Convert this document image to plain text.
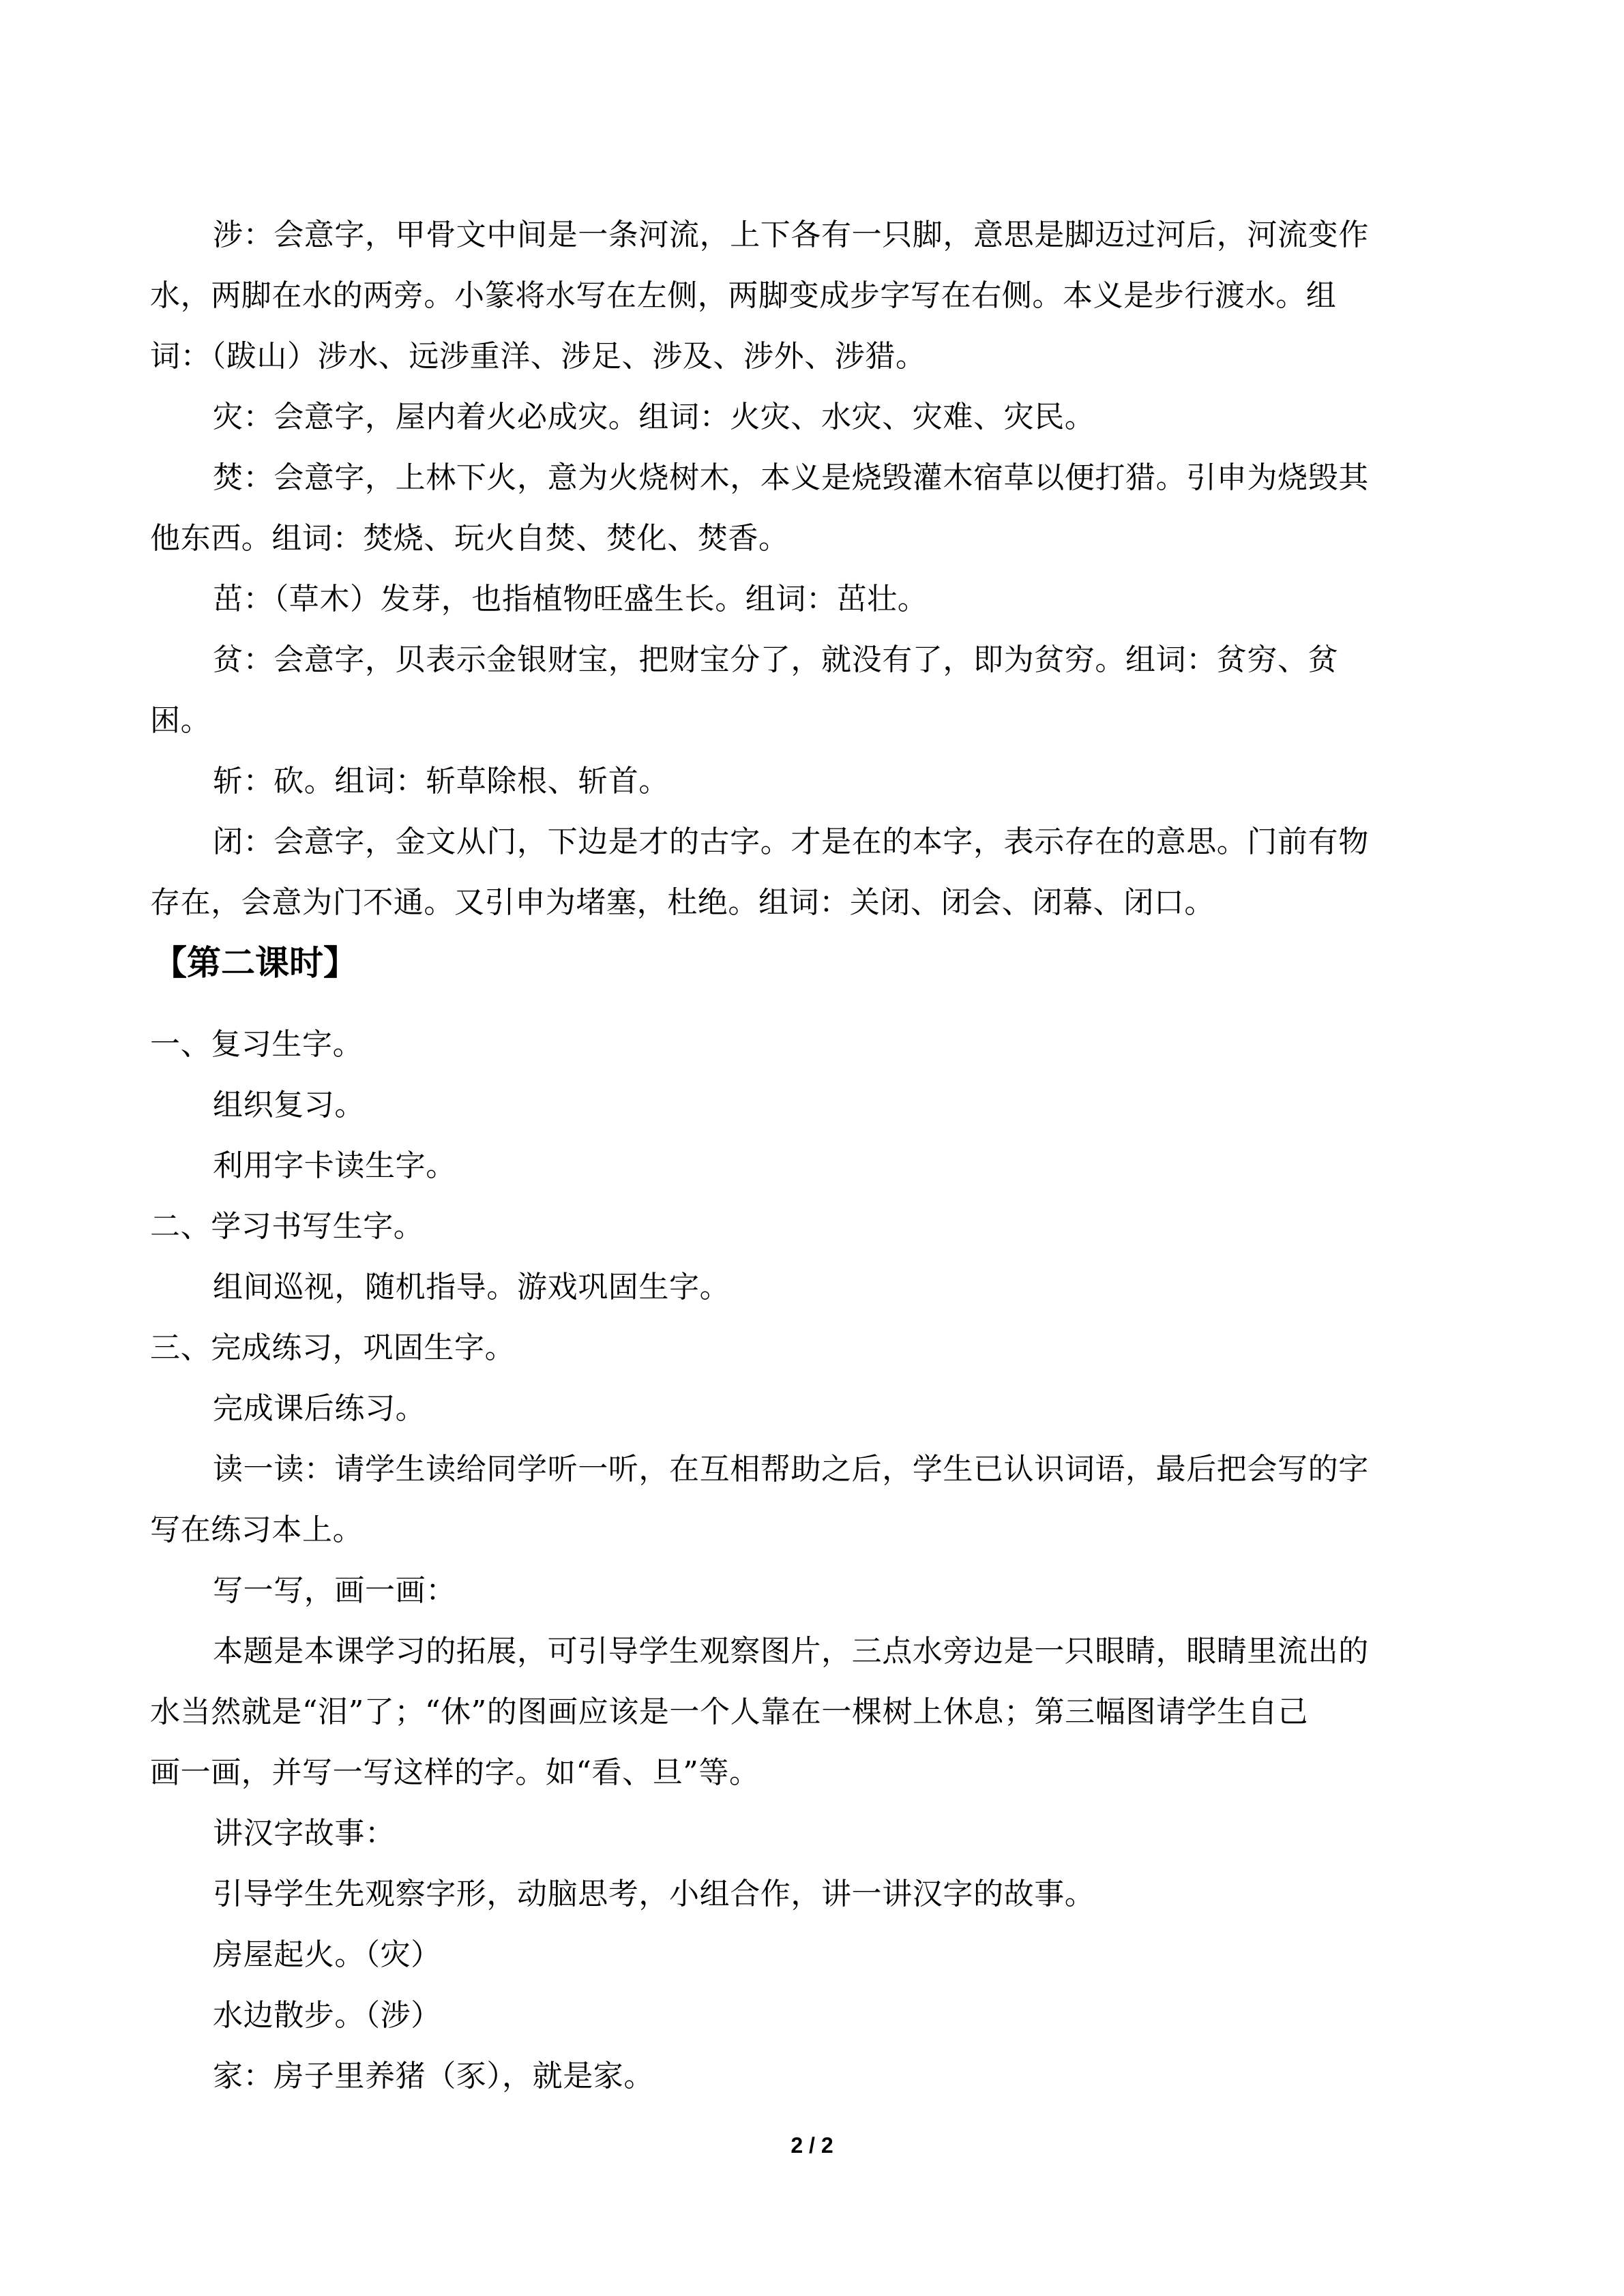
涉：会意字，甲骨文中间是一条河流，上下各有一只脚，意思是脚迈过河后，河流变作
水，两脚在水的两旁。小篆将水写在左侧，两脚变成步字写在右侧。本义是步行渡水。组
词：（跋山）涉水、远涉重洋、涉足、涉及、涉外、涉猎。
灾：会意字，屋内着火必成灾。组词：火灾、水灾、灾难、灾民。
焚：会意字，上林下火，意为火烧树木，本义是烧毁灌木宿草以便打猎。引申为烧毁其
他东西。组词：焚烧、玩火自焚、焚化、焚香。
茁：（草木）发芽，也指植物旺盛生长。组词：茁壮。
贫：会意字，贝表示金银财宝，把财宝分了，就没有了，即为贫穷。组词：贫穷、贫
困。
斩：砍。组词：斩草除根、斩首。
闭：会意字，金文从门，下边是才的古字。才是在的本字，表示存在的意思。门前有物
存在，会意为门不通。又引申为堵塞，杜绝。组词：关闭、闭会、闭幕、闭口。
【第二课时】
一、复习生字。
组织复习。
利用字卡读生字。
二、学习书写生字。
组间巡视，随机指导。游戏巩固生字。
三、完成练习，巩固生字。
完成课后练习。
读一读：请学生读给同学听一听，在互相帮助之后，学生已认识词语，最后把会写的字
写在练习本上。
写一写，画一画：
本题是本课学习的拓展，可引导学生观察图片，三点水旁边是一只眼睛，眼睛里流出的
水当然就是“泪”了；“休”的图画应该是一个人靠在一棵树上休息；第三幅图请学生自己
画一画，并写一写这样的字。如“看、旦”等。
讲汉字故事：
引导学生先观察字形，动脑思考，小组合作，讲一讲汉字的故事。
房屋起火。（灾）
水边散步。（涉）
家：房子里养猪（豕），就是家。
2 / 2
